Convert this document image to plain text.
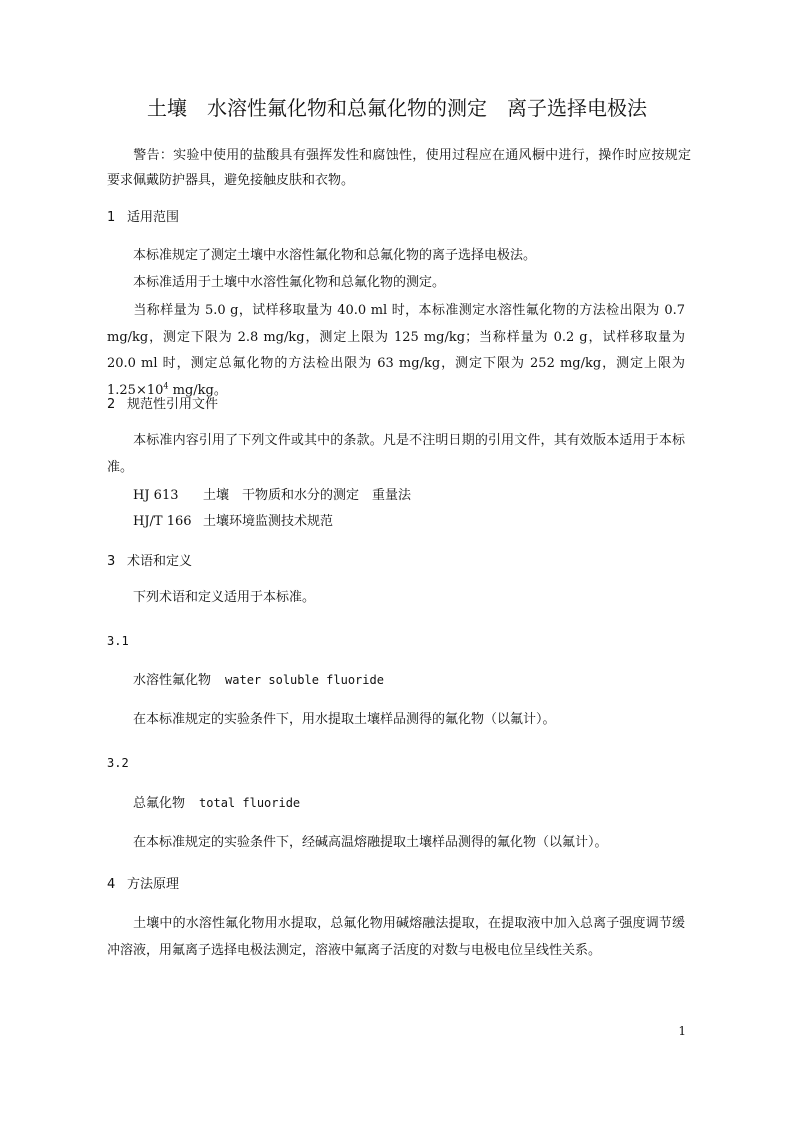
土壤　水溶性氟化物和总氟化物的测定　离子选择电极法

警告：实验中使用的盐酸具有强挥发性和腐蚀性，使用过程应在通风橱中进行，操作时应按规定要求佩戴防护器具，避免接触皮肤和衣物。

1 适用范围

本标准规定了测定土壤中水溶性氟化物和总氟化物的离子选择电极法。

本标准适用于土壤中水溶性氟化物和总氟化物的测定。

当称样量为 5.0 g，试样移取量为 40.0 ml 时，本标准测定水溶性氟化物的方法检出限为 0.7 mg/kg，测定下限为 2.8 mg/kg，测定上限为 125 mg/kg；当称样量为 0.2 g，试样移取量为 20.0 ml 时，测定总氟化物的方法检出限为 63 mg/kg，测定下限为 252 mg/kg，测定上限为 $1.25\times 10^4$ mg/kg。

2 规范性引用文件

本标准内容引用了下列文件或其中的条款。凡是不注明日期的引用文件，其有效版本适用于本标准。

HJ 613 土壤　干物质和水分的测定　重量法

HJ/T 166 土壤环境监测技术规范

3 术语和定义

下列术语和定义适用于本标准。

3.1

水溶性氟化物 water soluble fluoride

在本标准规定的实验条件下，用水提取土壤样品测得的氟化物（以氟计）。

3.2

总氟化物 total fluoride

在本标准规定的实验条件下，经碱高温熔融提取土壤样品测得的氟化物（以氟计）。

4 方法原理

土壤中的水溶性氟化物用水提取，总氟化物用碱熔融法提取，在提取液中加入总离子强度调节缓冲溶液，用氟离子选择电极法测定，溶液中氟离子活度的对数与电极电位呈线性关系。

1
